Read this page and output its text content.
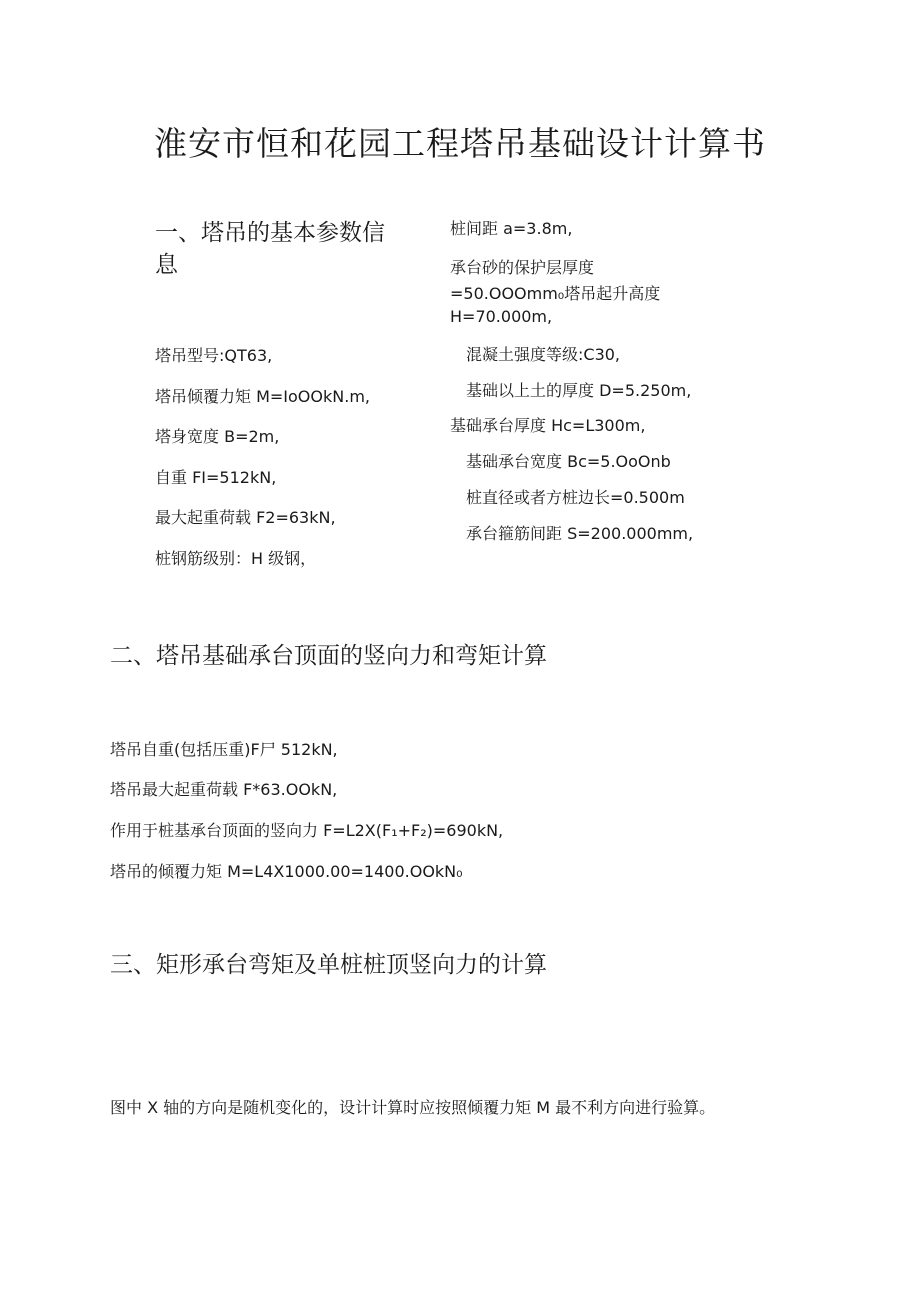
淮安市恒和花园工程塔吊基础设计计算书
一、塔吊的基本参数信
息
塔吊型号:QT63,
塔吊倾覆力矩 M=IoOOkN.m,
塔身宽度 B=2m,
自重 FI=512kN,
最大起重荷载 F2=63kN,
桩钢筋级别：H 级钢，
桩间距 a=3.8m,
承台砂的保护层厚度
=50.OOOmm₀塔吊起升高度
H=70.000m,
混凝土强度等级:C30,
基础以上土的厚度 D=5.250m,
基础承台厚度 Hc=L300m,
基础承台宽度 Bc=5.OoOnb
桩直径或者方桩边长=0.500m
承台箍筋间距 S=200.000mm,
二、塔吊基础承台顶面的竖向力和弯矩计算
塔吊自重(包括压重)F尸 512kN,
塔吊最大起重荷载 F*63.OOkN,
作用于桩基承台顶面的竖向力 F=L2X(F₁+F₂)=690kN,
塔吊的倾覆力矩 M=L4X1000.00=1400.OOkN₀
三、矩形承台弯矩及单桩桩顶竖向力的计算
图中 X 轴的方向是随机变化的，设计计算时应按照倾覆力矩 M 最不利方向进行验算。
